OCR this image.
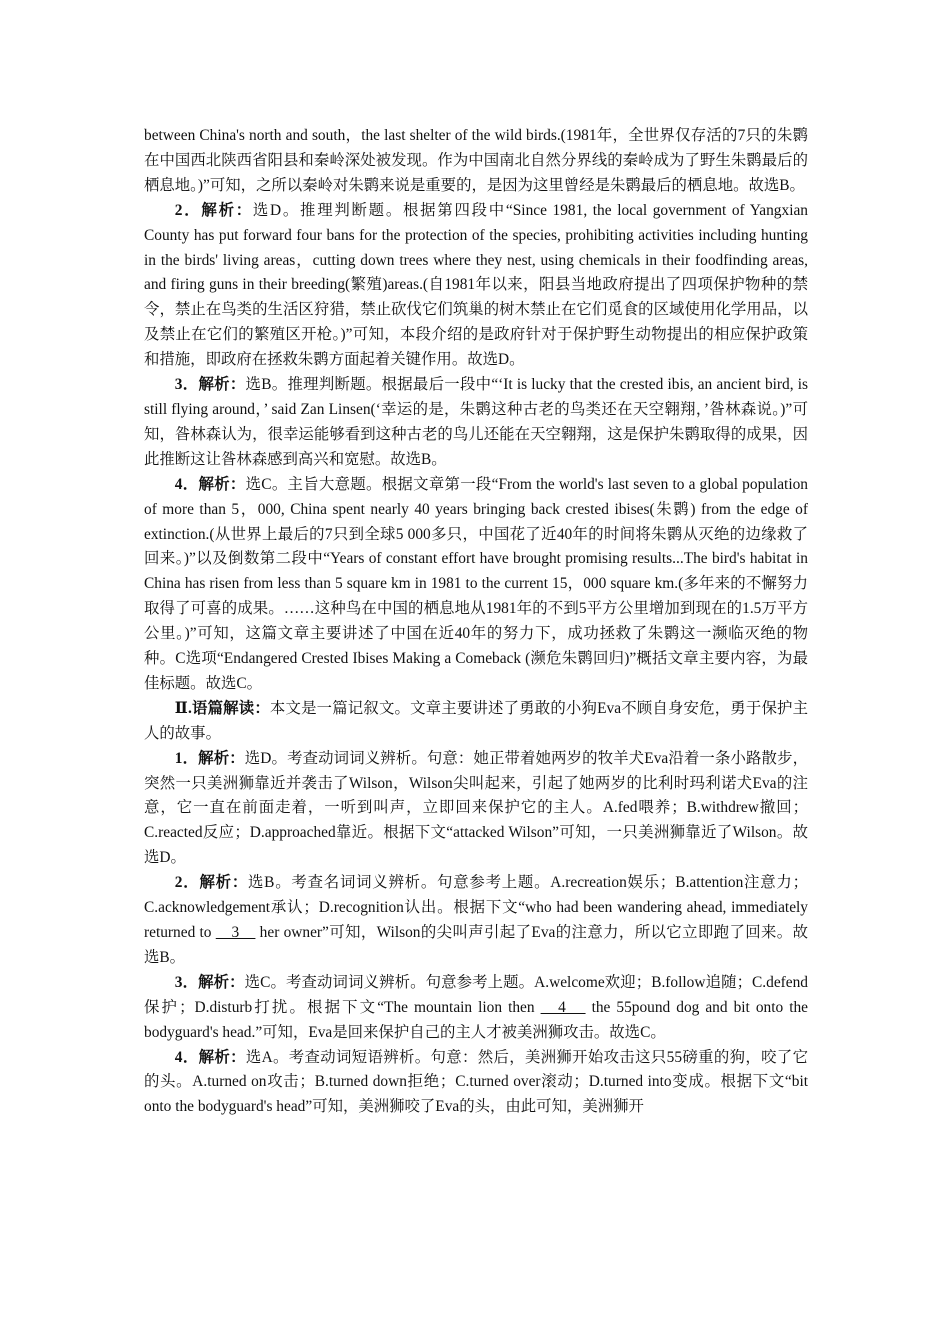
between China's north and south，the last shelter of the wild birds.(1981年，全世界仅存活的7只的朱鹮在中国西北陕西省阳县和秦岭深处被发现。作为中国南北自然分界线的秦岭成为了野生朱鹮最后的栖息地。)”可知，之所以秦岭对朱鹮来说是重要的，是因为这里曾经是朱鹮最后的栖息地。故选B。

2．解析：选D。推理判断题。根据第四段中“Since 1981, the local government of Yangxian County has put forward four bans for the protection of the species, prohibiting activities including hunting in the birds' living areas，cutting down trees where they nest, using chemicals in their foodfinding areas, and firing guns in their breeding(繁殖)areas.(自1981年以来，阳县当地政府提出了四项保护物种的禁令，禁止在鸟类的生活区狩猎，禁止砍伐它们筑巢的树木禁止在它们觅食的区域使用化学用品，以及禁止在它们的繁殖区开枪。)”可知，本段介绍的是政府针对于保护野生动物提出的相应保护政策和措施，即政府在拯救朱鹮方面起着关键作用。故选D。

3．解析：选B。推理判断题。根据最后一段中“‘It is lucky that the crested ibis, an ancient bird, is still flying around，’ said Zan Linsen(‘幸运的是，朱鹮这种古老的鸟类还在天空翱翔，’昝林森说。)”可知，昝林森认为，很幸运能够看到这种古老的鸟儿还能在天空翱翔，这是保护朱鹮取得的成果，因此推断这让昝林森感到高兴和宽慰。故选B。

4．解析：选C。主旨大意题。根据文章第一段“From the world's last seven to a global population of more than 5，000, China spent nearly 40 years bringing back crested ibises(朱鹮) from the edge of extinction.(从世界上最后的7只到全球5 000多只，中国花了近40年的时间将朱鹮从灭绝的边缘救了回来。)”以及倒数第二段中“Years of constant effort have brought promising results...The bird's habitat in China has risen from less than 5 square km in 1981 to the current 15，000 square km.(多年来的不懈努力取得了可喜的成果。……这种鸟在中国的栖息地从1981年的不到5平方公里增加到现在的1.5万平方公里。)”可知，这篇文章主要讲述了中国在近40年的努力下，成功拯救了朱鹮这一濒临灭绝的物种。C选项“Endangered Crested Ibises Making a Comeback (濒危朱鹮回归)”概括文章主要内容，为最佳标题。故选C。

Ⅱ.语篇解读：本文是一篇记叙文。文章主要讲述了勇敢的小狗Eva不顾自身安危，勇于保护主人的故事。

1．解析：选D。考查动词词义辨析。句意：她正带着她两岁的牧羊犬Eva沿着一条小路散步，突然一只美洲狮靠近并袭击了Wilson，Wilson尖叫起来，引起了她两岁的比利时玛利诺犬Eva的注意，它一直在前面走着，一听到叫声，立即回来保护它的主人。A.fed喂养；B.withdrew撤回；C.reacted反应；D.approached靠近。根据下文“attacked Wilson”可知，一只美洲狮靠近了Wilson。故选D。

2．解析：选B。考查名词词义辨析。句意参考上题。A.recreation娱乐；B.attention注意力；C.acknowledgement承认；D.recognition认出。根据下文“who had been wandering ahead, immediately returned to 　3　 her owner”可知，Wilson的尖叫声引起了Eva的注意力，所以它立即跑了回来。故选B。

3．解析：选C。考查动词词义辨析。句意参考上题。A.welcome欢迎；B.follow追随；C.defend保护；D.disturb打扰。根据下文“The mountain lion then 　4　 the 55pound dog and bit onto the bodyguard's head.”可知，Eva是回来保护自己的主人才被美洲狮攻击。故选C。

4．解析：选A。考查动词短语辨析。句意：然后，美洲狮开始攻击这只55磅重的狗，咬了它的头。A.turned on攻击；B.turned down拒绝；C.turned over滚动；D.turned into变成。根据下文“bit onto the bodyguard's head”可知，美洲狮咬了Eva的头，由此可知，美洲狮开
